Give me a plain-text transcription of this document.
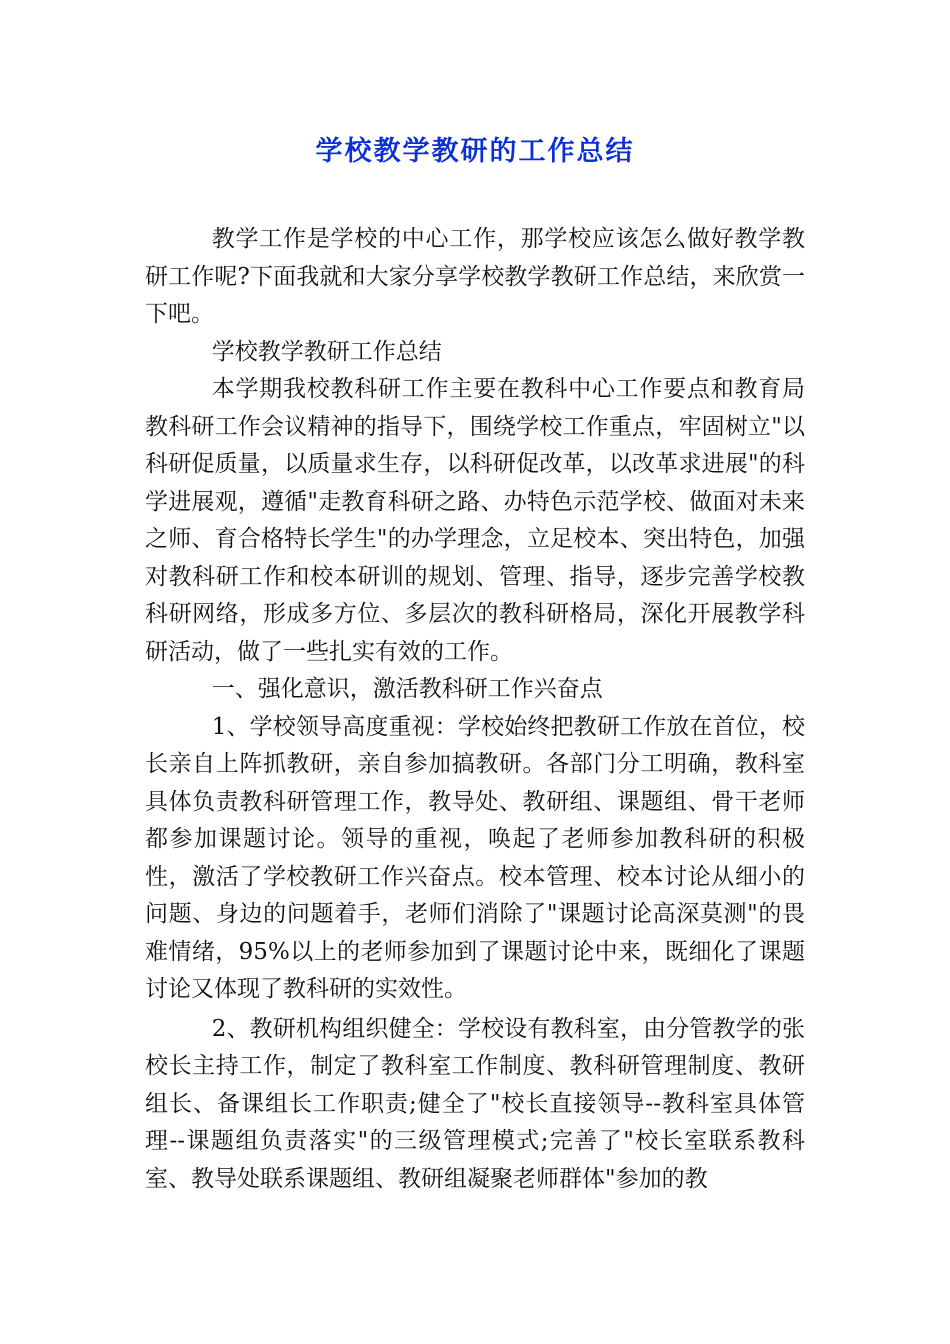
学校教学教研的工作总结

教学工作是学校的中心工作，那学校应该怎么做好教学教研工作呢?下面我就和大家分享学校教学教研工作总结，来欣赏一下吧。

学校教学教研工作总结

本学期我校教科研工作主要在教科中心工作要点和教育局教科研工作会议精神的指导下，围绕学校工作重点，牢固树立"以科研促质量，以质量求生存，以科研促改革，以改革求进展"的科学进展观，遵循"走教育科研之路、办特色示范学校、做面对未来之师、育合格特长学生"的办学理念，立足校本、突出特色，加强对教科研工作和校本研训的规划、管理、指导，逐步完善学校教科研网络，形成多方位、多层次的教科研格局，深化开展教学科研活动，做了一些扎实有效的工作。

一、强化意识，激活教科研工作兴奋点

1、学校领导高度重视：学校始终把教研工作放在首位，校长亲自上阵抓教研，亲自参加搞教研。各部门分工明确，教科室具体负责教科研管理工作，教导处、教研组、课题组、骨干老师都参加课题讨论。领导的重视，唤起了老师参加教科研的积极性，激活了学校教研工作兴奋点。校本管理、校本讨论从细小的问题、身边的问题着手，老师们消除了"课题讨论高深莫测"的畏难情绪，95%以上的老师参加到了课题讨论中来，既细化了课题讨论又体现了教科研的实效性。

2、教研机构组织健全：学校设有教科室，由分管教学的张校长主持工作，制定了教科室工作制度、教科研管理制度、教研组长、备课组长工作职责;健全了"校长直接领导--教科室具体管理--课题组负责落实"的三级管理模式;完善了"校长室联系教科室、教导处联系课题组、教研组凝聚老师群体"参加的教
